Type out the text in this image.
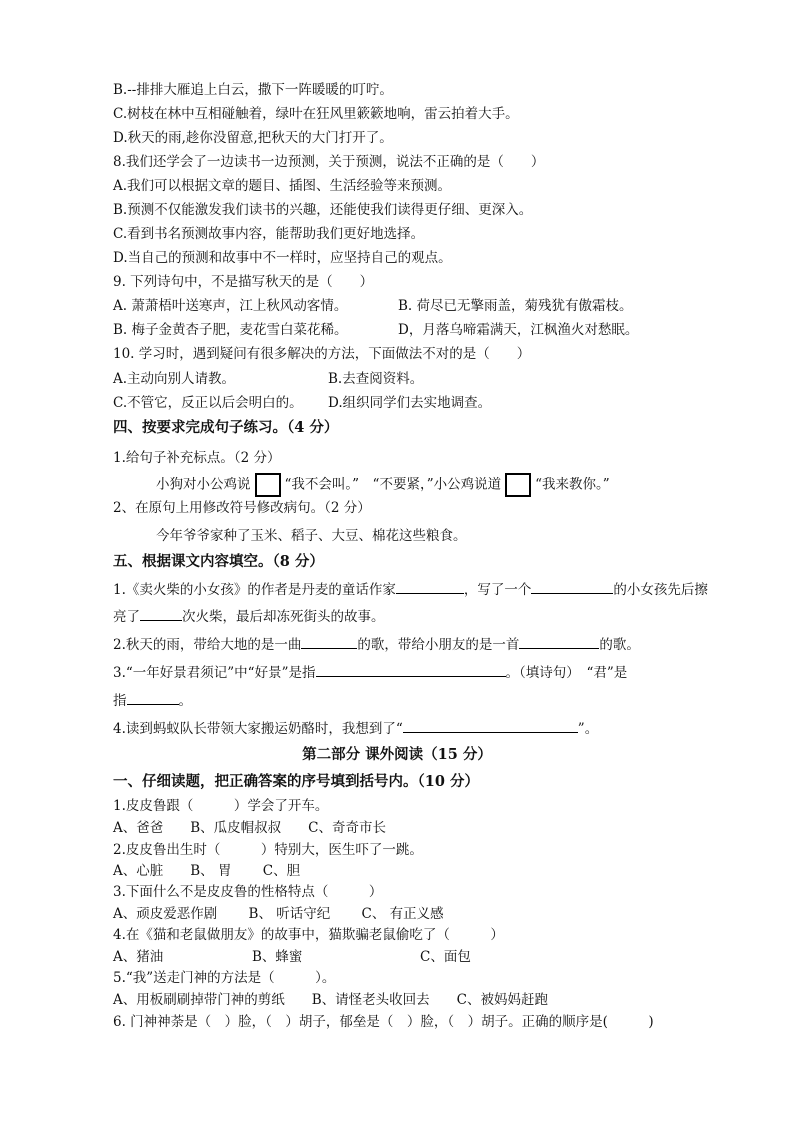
B.--排排大雁追上白云，撒下一阵暖暖的叮咛。
C.树枝在林中互相碰触着，绿叶在狂风里簌簌地响，雷云拍着大手。
D.秋天的雨,趁你没留意,把秋天的大门打开了。
8.我们还学会了一边读书一边预测，关于预测，说法不正确的是（　　）
A.我们可以根据文章的题目、插图、生活经验等来预测。
B.预测不仅能激发我们读书的兴趣，还能使我们读得更仔细、更深入。
C.看到书名预测故事内容，能帮助我们更好地选择。
D.当自己的预测和故事中不一样时，应坚持自己的观点。
9. 下列诗句中，不是描写秋天的是（　　）
A. 萧萧梧叶送寒声，江上秋风动客情。	B. 荷尽已无擎雨盖，菊残犹有傲霜枝。
B. 梅子金黄杏子肥，麦花雪白菜花稀。	D，月落乌啼霜满天，江枫渔火对愁眠。
10. 学习时，遇到疑问有很多解决的方法，下面做法不对的是（　　）
A.主动向别人请教。	B.去查阅资料。
C.不管它，反正以后会明白的。 D.组织同学们去实地调查。
四、按要求完成句子练习。（4 分）
1.给句子补充标点。（2 分）
小狗对小公鸡说	“我不会叫。”　“不要紧，”小公鸡说道	“我来教你。”
2、在原句上用修改符号修改病句。（2 分）
今年爷爷家种了玉米、稻子、大豆、棉花这些粮食。
五、根据课文内容填空。（8 分）
1.《卖火柴的小女孩》的作者是丹麦的童话作家	，写了一个	的小女孩先后擦
亮了	次火柴，最后却冻死街头的故事。
2.秋天的雨，带给大地的是一曲	的歌，带给小朋友的是一首	的歌。
3.“一年好景君须记”中“好景”是指	。（填诗句）　“君”是
指	。
4.读到蚂蚁队长带领大家搬运奶酪时，我想到了“	”。
第二部分 课外阅读（15 分）
一、仔细读题，把正确答案的序号填到括号内。（10 分）
1.皮皮鲁跟（　　　）学会了开车。
A、爸爸　　B、瓜皮帽叔叔　　C、奇奇市长
2.皮皮鲁出生时（　　　）特别大，医生吓了一跳。
A、心脏　　B、 胃　　 C、胆
3.下面什么不是皮皮鲁的性格特点（　　　）
A、顽皮爱恶作剧　　 B、 听话守纪　　 C、 有正义感
4.在《猫和老鼠做朋友》的故事中，猫欺骗老鼠偷吃了（　　　）
A、猪油	B、蜂蜜	C、面包
5.“我”送走门神的方法是（　　　）。
A、用板刷刷掉带门神的剪纸　　B、请怪老头收回去　　C、被妈妈赶跑
6. 门神神荼是（　）脸，（　）胡子，郁垒是（　）脸，（　）胡子。正确的顺序是(　　　)
